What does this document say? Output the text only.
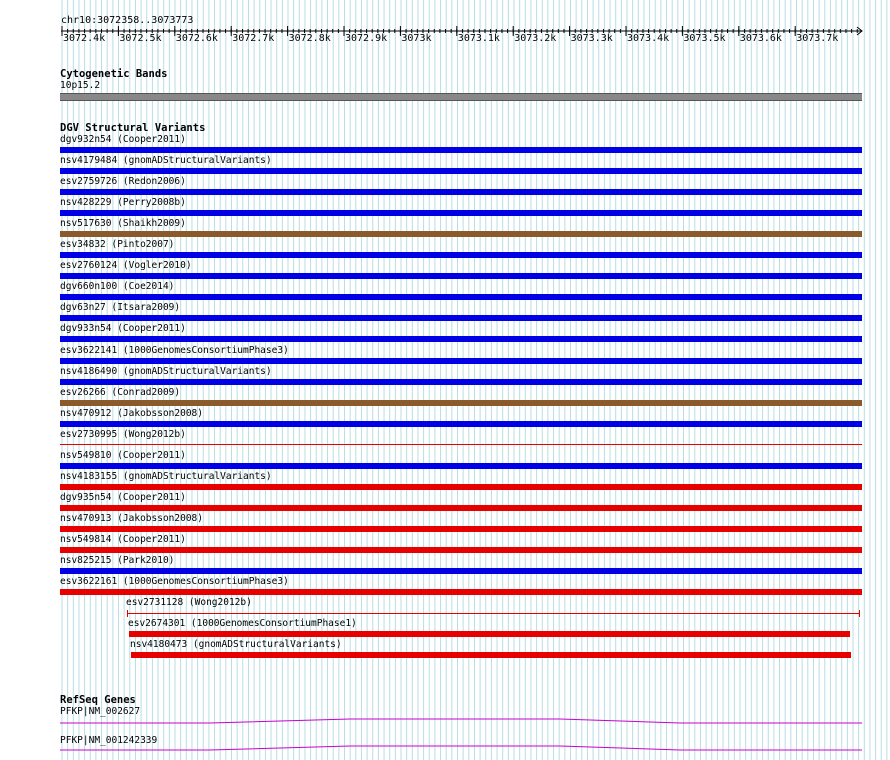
chr10:3072358..3073773
3072.4k 3072.5k 3072.6k 3072.7k 3072.8k 3072.9k 3073k	3073.1k 3073.2k 3073.3k 3073.4k 3073.5k 3073.6k 3073.7k
Cytogenetic Bands
10p15.2
DGV Structural Variants
dgv932n54 (Cooper2011)
nsv4179484 (gnomADStructuralVariants)
esv2759726 (Redon2006)
nsv428229 (Perry2008b)
nsv517630 (Shaikh2009)
esv34832 (Pinto2007)
esv2760124 (Vogler2010)
dgv660n100 (Coe2014)
dgv63n27 (Itsara2009)
dgv933n54 (Cooper2011)
esv3622141 (1000GenomesConsortiumPhase3)
nsv4186490 (gnomADStructuralVariants)
esv26266 (Conrad2009)
nsv470912 (Jakobsson2008)
esv2730995 (Wong2012b)
nsv549810 (Cooper2011)
nsv4183155 (gnomADStructuralVariants)
dgv935n54 (Cooper2011)
nsv470913 (Jakobsson2008)
nsv549814 (Cooper2011)
nsv825215 (Park2010)
esv3622161 (1000GenomesConsortiumPhase3)
esv2731128 (Wong2012b)
esv2674301 (1000GenomesConsortiumPhase1)
nsv4180473 (gnomADStructuralVariants)
RefSeq Genes
PFKP|NM_002627
PFKP|NM_001242339
